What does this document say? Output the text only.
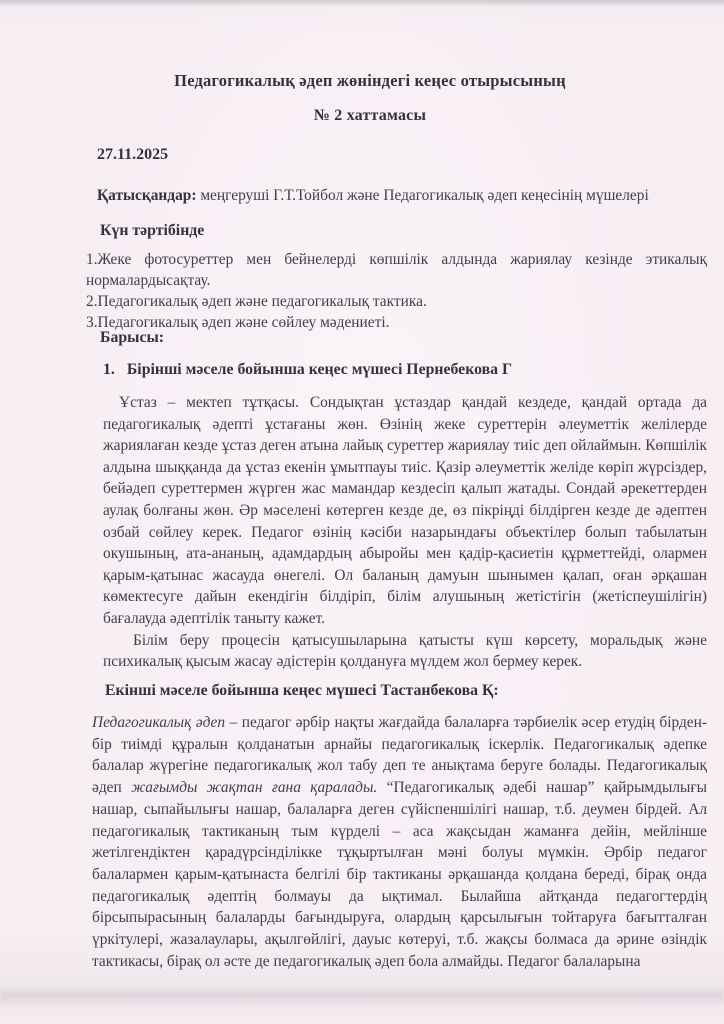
Педагогикалық әдеп жөніндегі кеңес отырысының
№ 2 хаттамасы
27.11.2025
Қатысқандар: меңгеруші Г.Т.Тойбол және Педагогикалық әдеп кеңесінің мүшелері
Күн тәртібінде
1.Жеке фотосуреттер мен бейнелерді көпшілік алдында жариялау кезінде этикалық нормалардысақтау.
2.Педагогикалық әдеп және педагогикалық тактика.
3.Педагогикалық әдеп және сөйлеу мәдениеті.
Барысы:
1. Бірінші мәселе бойынша кеңес мүшесі Пернебекова Г

Ұстаз – мектеп тұтқасы. Сондықтан ұстаздар қандай кездеде, қандай ортада да педагогикалық әдепті ұстағаны жөн. Өзінің жеке суреттерін әлеуметтік желілерде жариялаған кезде ұстаз деген атына лайық суреттер жариялау тиіс деп ойлаймын. Көпшілік алдына шыққанда да ұстаз екенін ұмытпауы тиіс. Қазір әлеуметтік желіде көріп жүрсіздер, бейәдеп суреттермен жүрген жас мамандар кездесіп қалып жатады. Сондай әрекеттерден аулақ болғаны жөн. Әр мәселені көтерген кезде де, өз пікріңді білдірген кезде де әдептен озбай сөйлеу керек. Педагог өзінің кәсіби назарындағы объектілер болып табылатын окушының, ата-ананың, адамдардың абыройы мен қадір-қасиетін құрметтейді, олармен қарым-қатынас жасауда өнегелі. Ол баланың дамуын шынымен қалап, оған әрқашан көмектесуге дайын екендігін білдіріп, білім алушының жетістігін (жетіспеушілігін) бағалауда әдептілік таныту кажет.

Білім беру процесін қатысушыларына қатысты күш көрсету, моральдық және психикалық қысым жасау әдістерін қолдануға мүлдем жол бермеу керек.

Екінші мәселе бойынша кеңес мүшесі Тастанбекова Қ:
Педагогикалық әдеп – педагог әрбір нақты жағдайда балаларға тәрбиелік әсер етудің бірден-бір тиімді құралын қолданатын арнайы педагогикалық іскерлік. Педагогикалық әдепке балалар жүрегіне педагогикалық жол табу деп те анықтама беруге болады. Педагогикалық әдеп жағымды жақтан ғана қаралады. “Педагогикалық әдебі нашар” қайрымдылығы нашар, сыпайылығы нашар, балаларға деген сүйіспеншілігі нашар, т.б. деумен бірдей. Ал педагогикалық тактиканың тым күрделі – аса жақсыдан жаманға дейін, мейлінше жетілгендіктен қарадүрсінділікке тұқыртылған мәні болуы мүмкін. Әрбір педагог балалармен қарым-қатынаста белгілі бір тактиканы әрқашанда қолдана береді, бірақ онда педагогикалық әдептің болмауы да ықтимал. Былайша айтқанда педагогтердің бірсыпырасының балаларды бағындыруға, олардың қарсылығын тойтаруға бағытталған үркітулері, жазалаулары, ақылгөйлігі, дауыс көтеруі, т.б. жақсы болмаса да әрине өзіндік тактикасы, бірақ ол әсте де педагогикалық әдеп бола алмайды. Педагог балаларына
